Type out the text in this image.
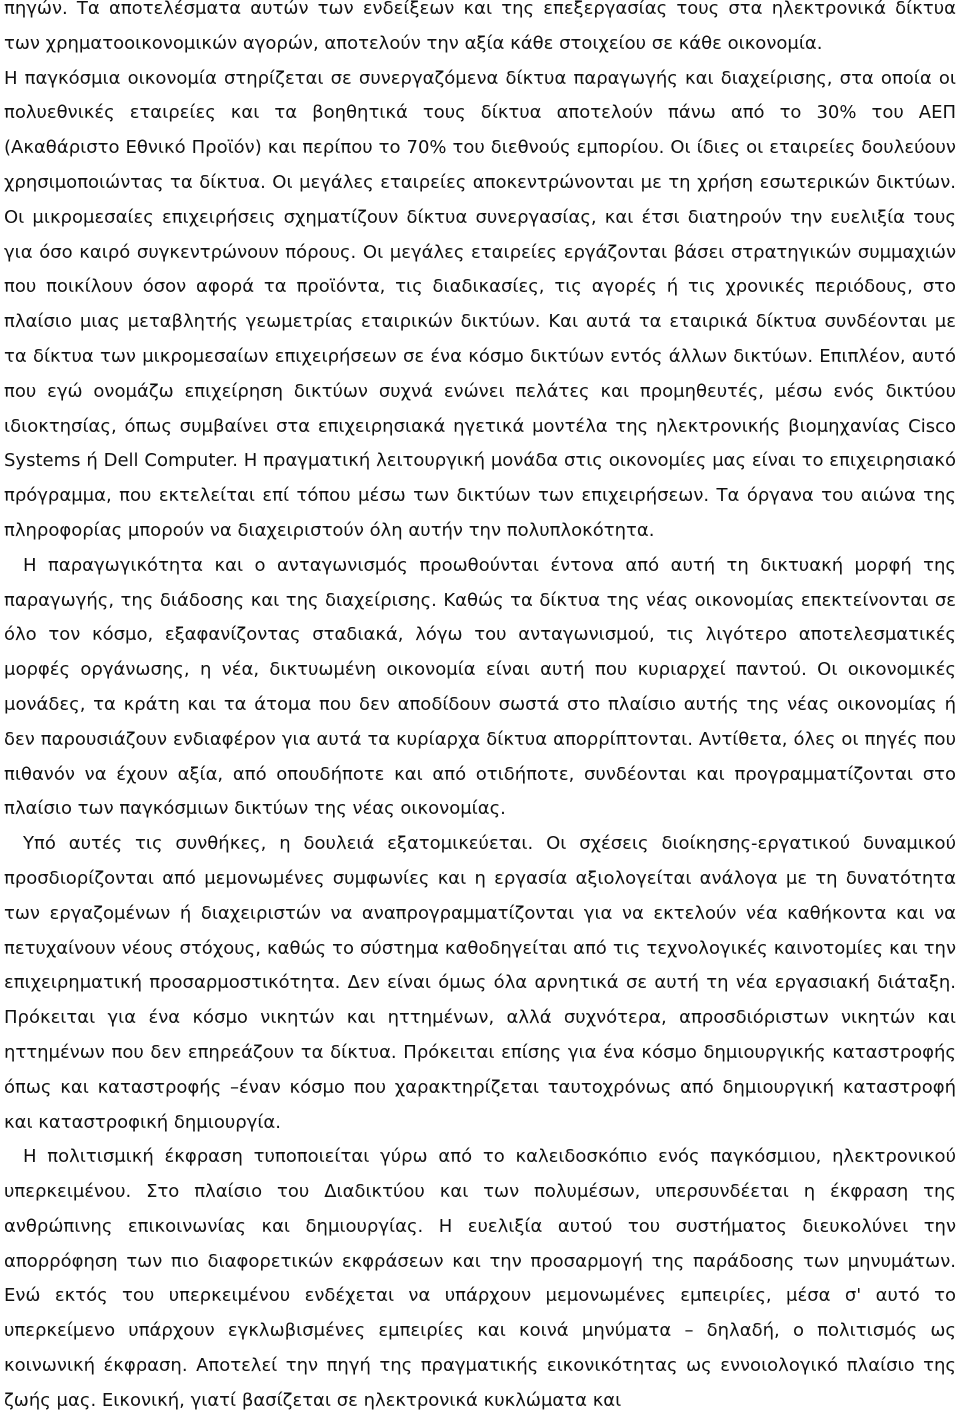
πηγών. Τα αποτελέσματα αυτών των ενδείξεων και της επεξεργασίας τους στα ηλεκτρονικά δίκτυα των χρηματοοικονομικών αγορών, αποτελούν την αξία κάθε στοιχείου σε κάθε οικονομία.

Η παγκόσμια οικονομία στηρίζεται σε συνεργαζόμενα δίκτυα παραγωγής και διαχείρισης, στα οποία οι πολυεθνικές εταιρείες και τα βοηθητικά τους δίκτυα αποτελούν πάνω από το 30% του ΑΕΠ (Ακαθάριστο Εθνικό Προϊόν) και περίπου το 70% του διεθνούς εμπορίου. Οι ίδιες οι εταιρείες δουλεύουν χρησιμοποιώντας τα δίκτυα. Οι μεγάλες εταιρείες αποκεντρώνονται με τη χρήση εσωτερικών δικτύων. Οι μικρομεσαίες επιχειρήσεις σχηματίζουν δίκτυα συνεργασίας, και έτσι διατηρούν την ευελιξία τους για όσο καιρό συγκεντρώνουν πόρους. Οι μεγάλες εταιρείες εργάζονται βάσει στρατηγικών συμμαχιών που ποικίλουν όσον αφορά τα προϊόντα, τις διαδικασίες, τις αγορές ή τις χρονικές περιόδους, στο πλαίσιο μιας μεταβλητής γεωμετρίας εταιρικών δικτύων. Και αυτά τα εταιρικά δίκτυα συνδέονται με τα δίκτυα των μικρομεσαίων επιχειρήσεων σε ένα κόσμο δικτύων εντός άλλων δικτύων. Επιπλέον, αυτό που εγώ ονομάζω επιχείρηση δικτύων συχνά ενώνει πελάτες και προμηθευτές, μέσω ενός δικτύου ιδιοκτησίας, όπως συμβαίνει στα επιχειρησιακά ηγετικά μοντέλα της ηλεκτρονικής βιομηχανίας Cisco Systems ή Dell Computer. Η πραγματική λειτουργική μονάδα στις οικονομίες μας είναι το επιχειρησιακό πρόγραμμα, που εκτελείται επί τόπου μέσω των δικτύων των επιχειρήσεων. Τα όργανα του αιώνα της πληροφορίας μπορούν να διαχειριστούν όλη αυτήν την πολυπλοκότητα.

Η παραγωγικότητα και ο ανταγωνισμός προωθούνται έντονα από αυτή τη δικτυακή μορφή της παραγωγής, της διάδοσης και της διαχείρισης. Καθώς τα δίκτυα της νέας οικονομίας επεκτείνονται σε όλο τον κόσμο, εξαφανίζοντας σταδιακά, λόγω του ανταγωνισμού, τις λιγότερο αποτελεσματικές μορφές οργάνωσης, η νέα, δικτυωμένη οικονομία είναι αυτή που κυριαρχεί παντού. Οι οικονομικές μονάδες, τα κράτη και τα άτομα που δεν αποδίδουν σωστά στο πλαίσιο αυτής της νέας οικονομίας ή δεν παρουσιάζουν ενδιαφέρον για αυτά τα κυρίαρχα δίκτυα απορρίπτονται. Αντίθετα, όλες οι πηγές που πιθανόν να έχουν αξία, από οπουδήποτε και από οτιδήποτε, συνδέονται και προγραμματίζονται στο πλαίσιο των παγκόσμιων δικτύων της νέας οικονομίας.

Υπό αυτές τις συνθήκες, η δουλειά εξατομικεύεται. Οι σχέσεις διοίκησης-εργατικού δυναμικού προσδιορίζονται από μεμονωμένες συμφωνίες και η εργασία αξιολογείται ανάλογα με τη δυνατότητα των εργαζομένων ή διαχειριστών να αναπρογραμματίζονται για να εκτελούν νέα καθήκοντα και να πετυχαίνουν νέους στόχους, καθώς το σύστημα καθοδηγείται από τις τεχνολογικές καινοτομίες και την επιχειρηματική προσαρμοστικότητα. Δεν είναι όμως όλα αρνητικά σε αυτή τη νέα εργασιακή διάταξη. Πρόκειται για ένα κόσμο νικητών και ηττημένων, αλλά συχνότερα, απροσδιόριστων νικητών και ηττημένων που δεν επηρεάζουν τα δίκτυα. Πρόκειται επίσης για ένα κόσμο δημιουργικής καταστροφής όπως και καταστροφής –έναν κόσμο που χαρακτηρίζεται ταυτοχρόνως από δημιουργική καταστροφή και καταστροφική δημιουργία.

Η πολιτισμική έκφραση τυποποιείται γύρω από το καλειδοσκόπιο ενός παγκόσμιου, ηλεκτρονικού υπερκειμένου. Στο πλαίσιο του Διαδικτύου και των πολυμέσων, υπερσυνδέεται η έκφραση της ανθρώπινης επικοινωνίας και δημιουργίας. Η ευελιξία αυτού του συστήματος διευκολύνει την απορρόφηση των πιο διαφορετικών εκφράσεων και την προσαρμογή της παράδοσης των μηνυμάτων. Ενώ εκτός του υπερκειμένου ενδέχεται να υπάρχουν μεμονωμένες εμπειρίες, μέσα σ' αυτό το υπερκείμενο υπάρχουν εγκλωβισμένες εμπειρίες και κοινά μηνύματα – δηλαδή, ο πολιτισμός ως κοινωνική έκφραση. Αποτελεί την πηγή της πραγματικής εικονικότητας ως εννοιολογικό πλαίσιο της ζωής μας. Εικονική, γιατί βασίζεται σε ηλεκτρονικά κυκλώματα και
